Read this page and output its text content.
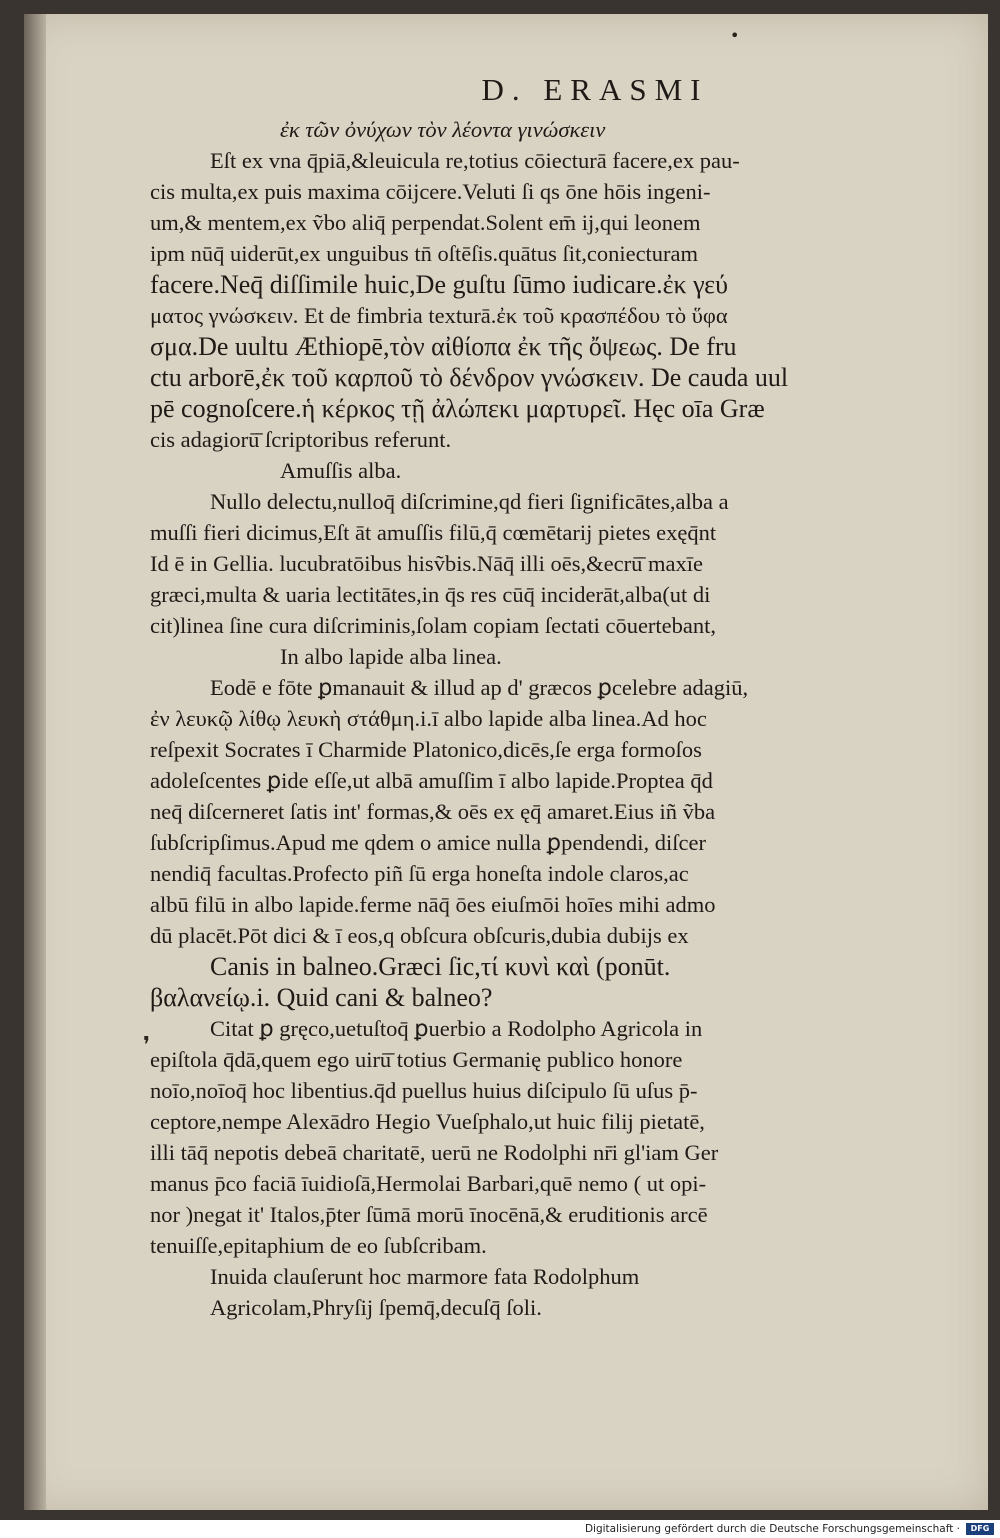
•
❜
D. ERASMI
ἐκ τῶν ὀνύχων τὸν λέοντα γινώσκειν
Eſt ex vna q̄piā,&leuicula re,totius cōiecturā facere,ex pau-
cis multa,ex puis maxima cōijcere.Veluti ſi qs ōne hōis ingeni-
um,& mentem,ex ṽbo aliq̄ perpendat.Solent em̄ ij,qui leonem
ipm nūq̄ uiderūt,ex unguibus tn̄ oſtēſis.quātus ſit,coniecturam
facere.Neq̄ diſſimile huic,De guſtu ſūmo iudicare.ἐκ γεύ
ματος γνώσκειν. Et de fimbria texturā.ἐκ τοῦ κρασπέδου τὸ ὕφα
σμα.De uultu Æthiopē,τὸν αἰθίοπα ἐκ τῆς ὄψεως. De fru
ctu arborē,ἐκ τοῦ καρποῦ τὸ δένδρον γνώσκειν. De cauda uul
pē cognoſcere.ἡ κέρκος τῇ ἀλώπεκι μαρτυρεῖ. Hęc oīa Græ
cis adagiorū̄ ſcriptoribus referunt.
Amuſſis alba.
Nullo delectu,nulloq̄ diſcrimine,qd fieri ſignificātes,alba a
muſſi fieri dicimus,Eſt āt amuſſis filū,q̄ cœmētarij pietes exęq̄nt
Id ē in Gellia. lucubratōibus hisṽbis.Nāq̄ illi oēs,&ecrū̄ maxīe
græci,multa & uaria lectitātes,in q̄s res cūq̄ inciderāt,alba(ut di
cit)linea ſine cura diſcriminis,ſolam copiam ſectati cōuertebant,
In albo lapide alba linea.
Eodē e fōte ꝑmanauit & illud ap d' græcos ꝑcelebre adagiū,
ἐν λευκῷ λίθῳ λευκὴ στάθμη.i.ī albo lapide alba linea.Ad hoc
reſpexit Socrates ī Charmide Platonico,dicēs,ſe erga formoſos
adoleſcentes ꝑide eſſe,ut albā amuſſim ī albo lapide.Proptea q̄d
neq̄ diſcerneret ſatis int' formas,& oēs ex ęq̄ amaret.Eius iñ ṽba
ſubſcripſimus.Apud me qdem o amice nulla ꝑpendendi, diſcer
nendiq̄ facultas.Profecto piñ ſū erga honeſta indole claros,ac
albū filū in albo lapide.ferme nāq̄ ōes eiuſmōi hoīes mihi admo
dū placēt.Pōt dici & ī eos,q obſcura obſcuris,dubia dubijs ex
Canis in balneo.Græci ſic,τί κυνὶ καὶ (ponūt.
βαλανείῳ.i. Quid cani & balneo?
Citat ꝑ gręco,uetuſtoq̄ ꝑuerbio a Rodolpho Agricola in
epiſtola q̄dā,quem ego uirū̄ totius Germanię publico honore
noīo,noīoq̄ hoc libentius.q̄d puellus huius diſcipulo ſū uſus p̄-
ceptore,nempe Alexādro Hegio Vueſphalo,ut huic filij pietatē,
illi tāq̄ nepotis debeā charitatē, uerū ne Rodolphi nr̄i gl'iam Ger
manus p̄co faciā īuidioſā,Hermolai Barbari,quē nemo ( ut opi-
nor )negat it' Italos,p̄ter ſūmā morū īnocēnā,& eruditionis arcē
tenuiſſe,epitaphium de eo ſubſcribam.
Inuida clauſerunt hoc marmore fata Rodolphum
Agricolam,Phryſij ſpemq̄,decuſq̄ ſoli.
Digitalisierung gefördert durch die Deutsche Forschungsgemeinschaft ·	DFG
